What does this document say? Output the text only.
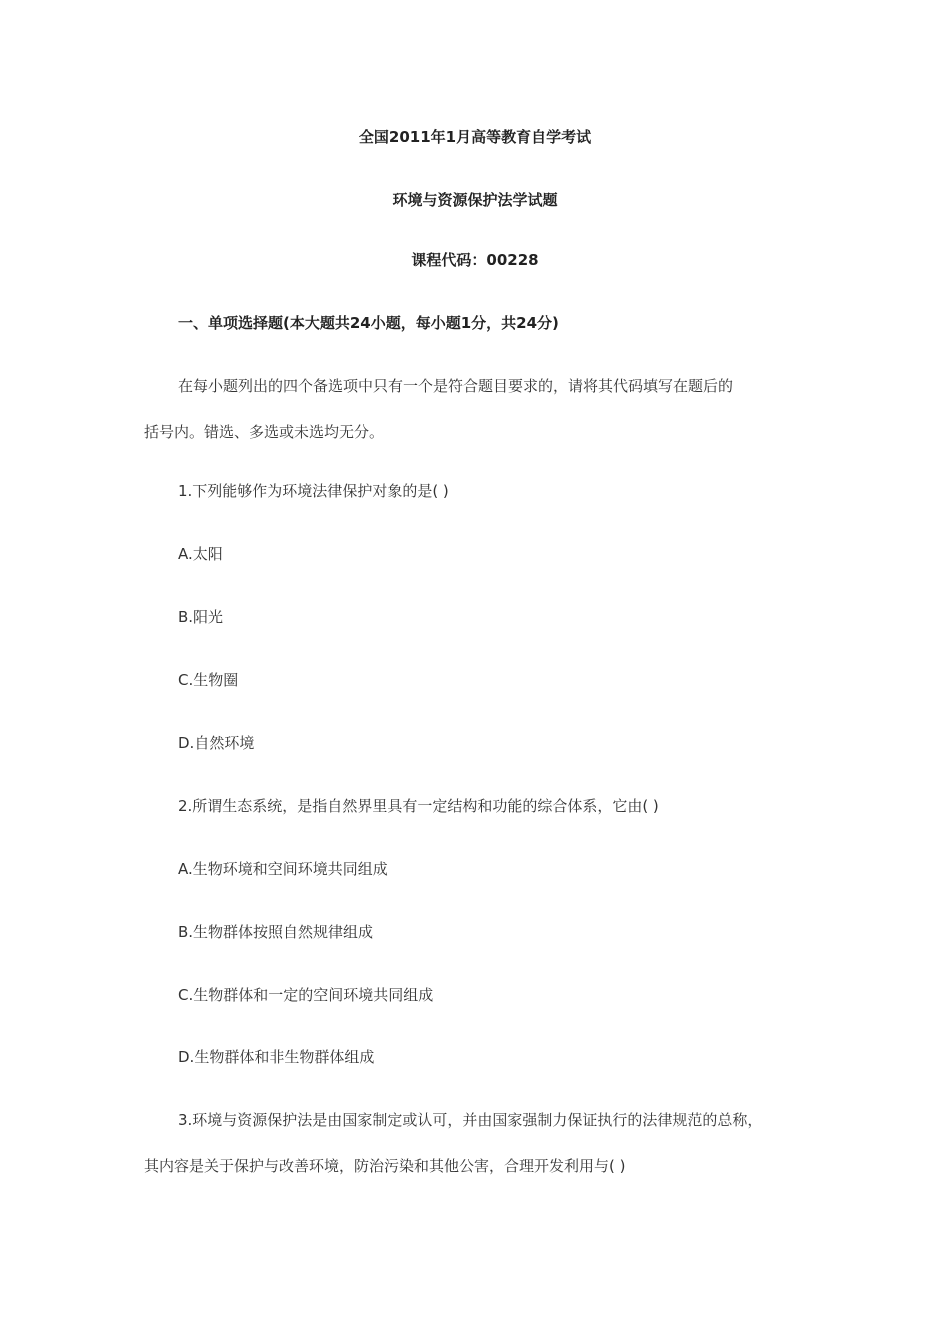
全国2011年1月高等教育自学考试
环境与资源保护法学试题
课程代码：00228
一、单项选择题(本大题共24小题，每小题1分，共24分)
在每小题列出的四个备选项中只有一个是符合题目要求的，请将其代码填写在题后的
括号内。错选、多选或未选均无分。
1.下列能够作为环境法律保护对象的是( )
A.太阳
B.阳光
C.生物圈
D.自然环境
2.所谓生态系统，是指自然界里具有一定结构和功能的综合体系，它由( )
A.生物环境和空间环境共同组成
B.生物群体按照自然规律组成
C.生物群体和一定的空间环境共同组成
D.生物群体和非生物群体组成
3.环境与资源保护法是由国家制定或认可，并由国家强制力保证执行的法律规范的总称，
其内容是关于保护与改善环境，防治污染和其他公害，合理开发利用与( )
